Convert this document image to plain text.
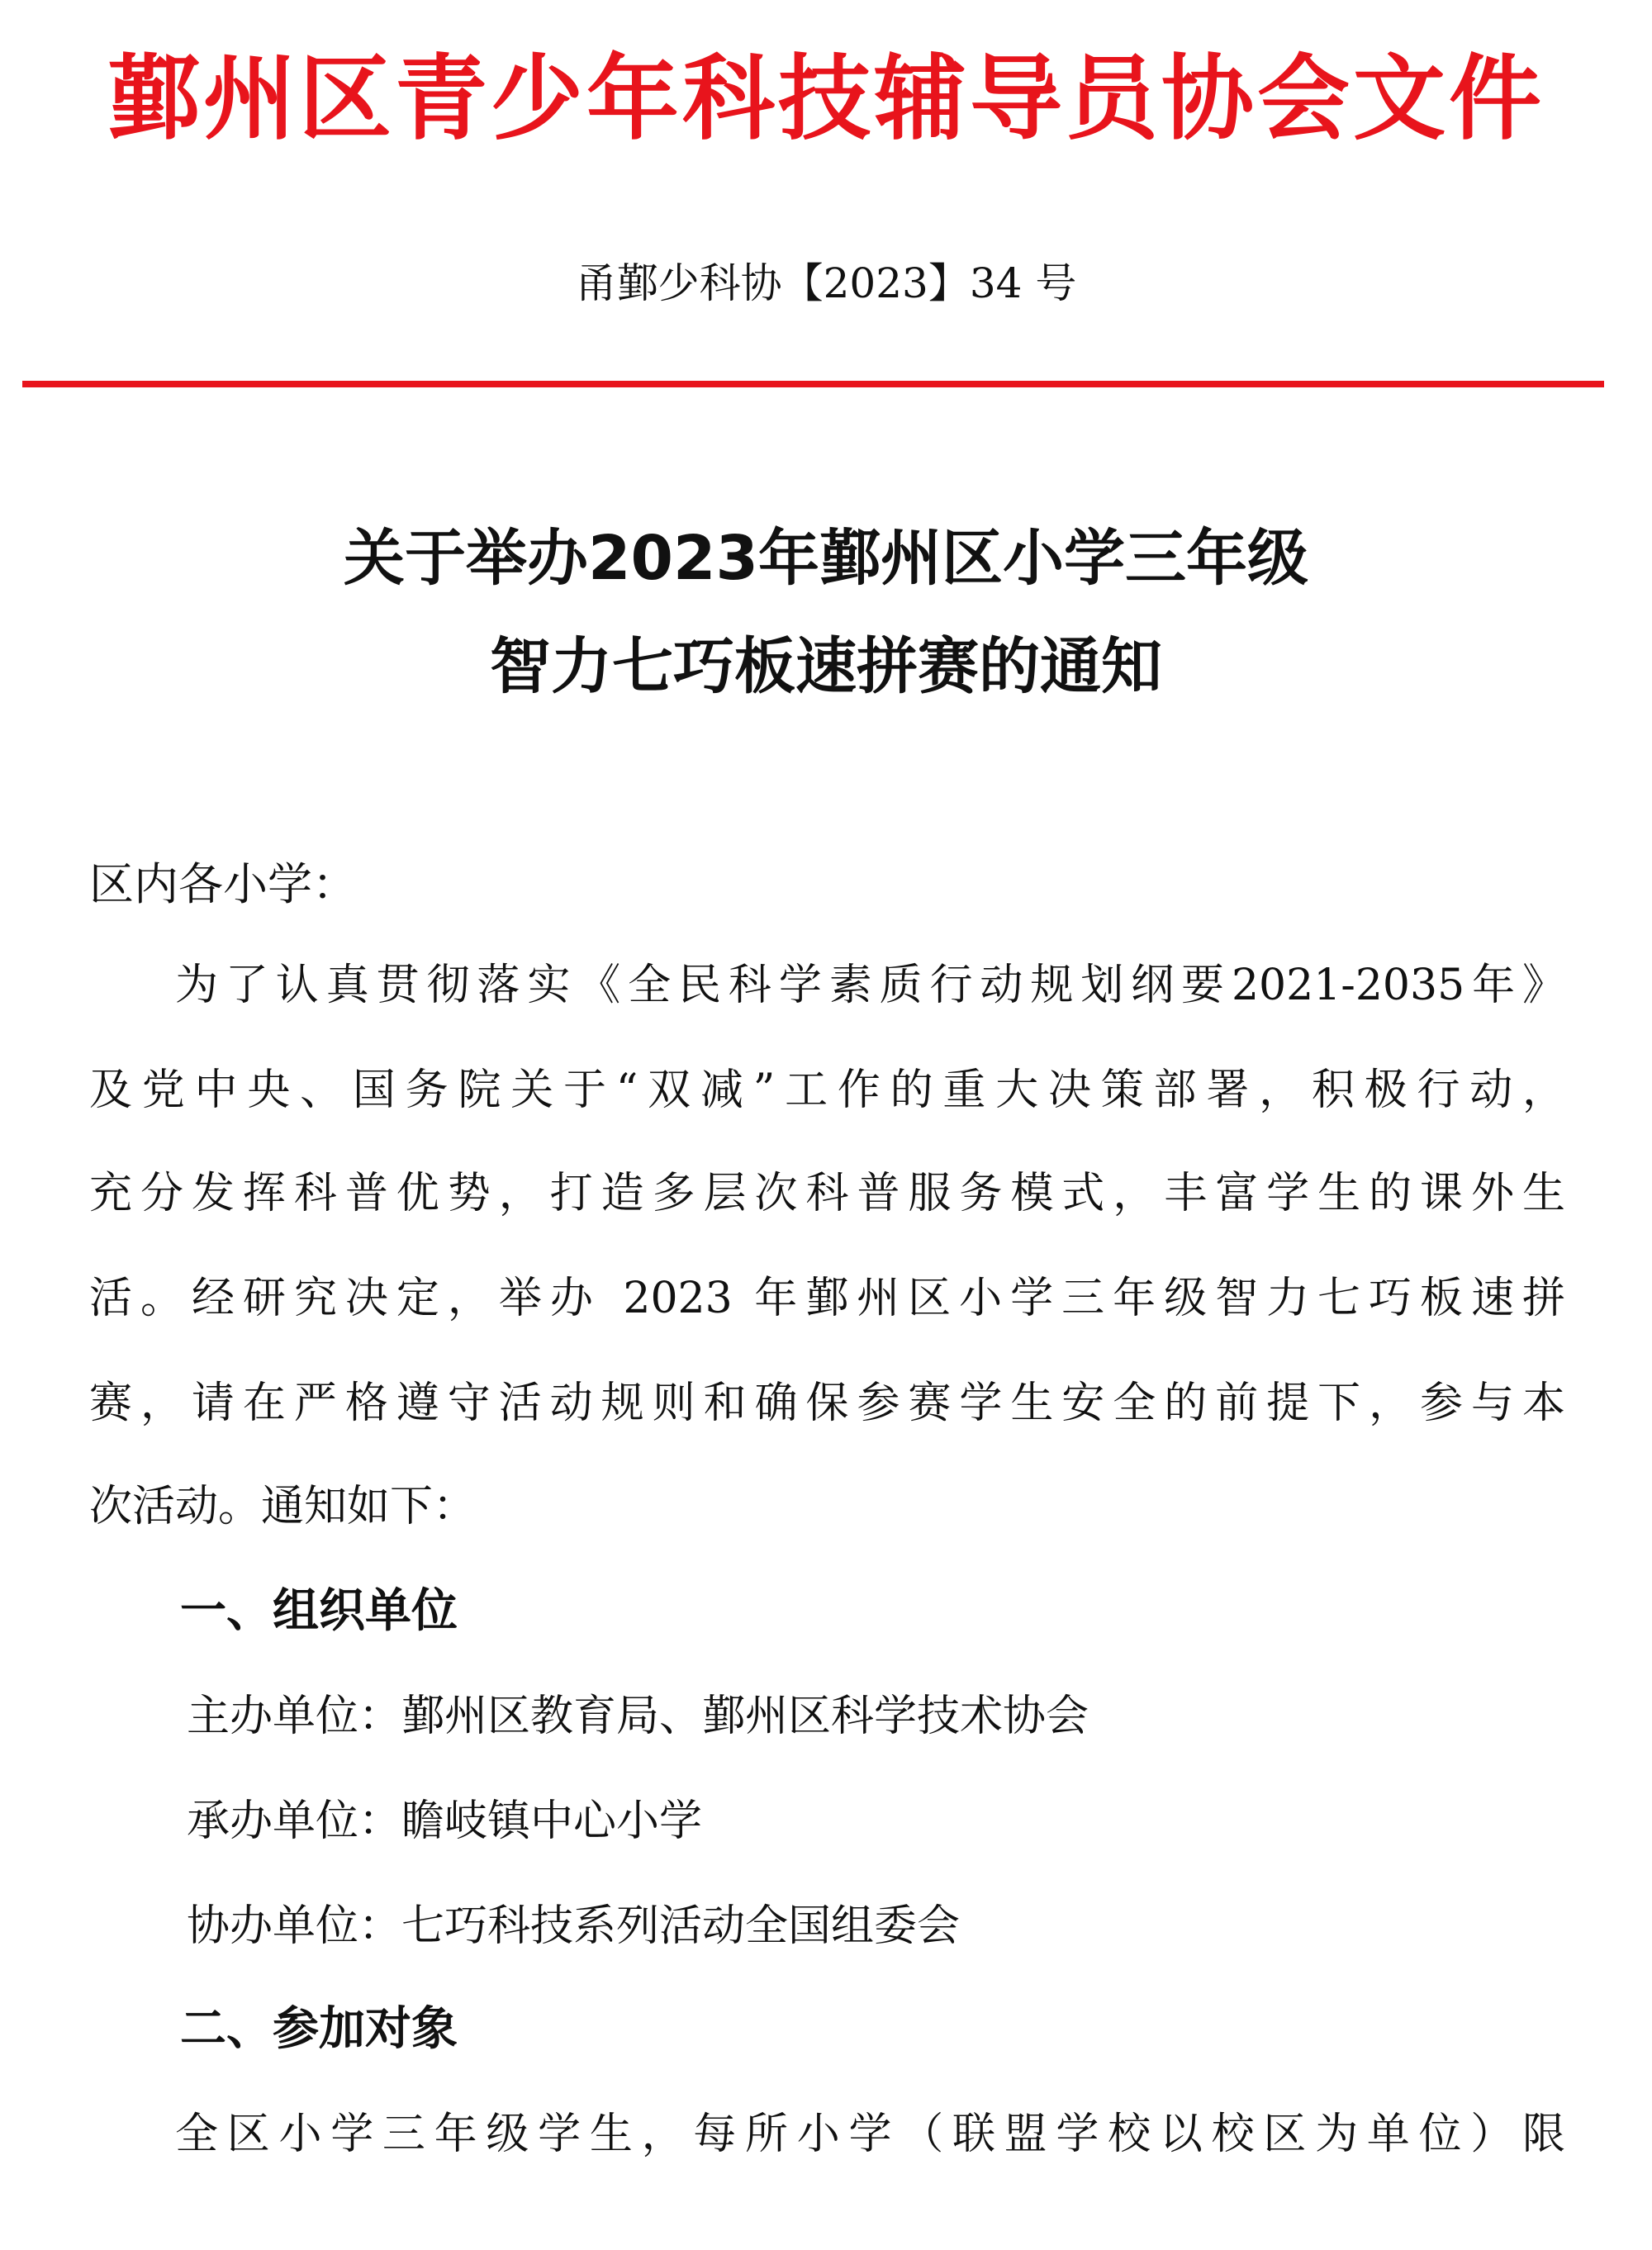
鄞州区青少年科技辅导员协会文件
甬鄞少科协【2023】34 号
关于举办2023年鄞州区小学三年级
智力七巧板速拼赛的通知
区内各小学：
为了认真贯彻落实《全民科学素质行动规划纲要2021-2035年》
及党中央、国务院关于“双减”工作的重大决策部署，积极行动，
充分发挥科普优势，打造多层次科普服务模式，丰富学生的课外生
活。经研究决定，举办 2023 年鄞州区小学三年级智力七巧板速拼
赛，请在严格遵守活动规则和确保参赛学生安全的前提下，参与本
次活动。通知如下：
一、组织单位
主办单位：鄞州区教育局、鄞州区科学技术协会
承办单位：瞻岐镇中心小学
协办单位：七巧科技系列活动全国组委会
二、参加对象
全区小学三年级学生，每所小学（联盟学校以校区为单位）限
